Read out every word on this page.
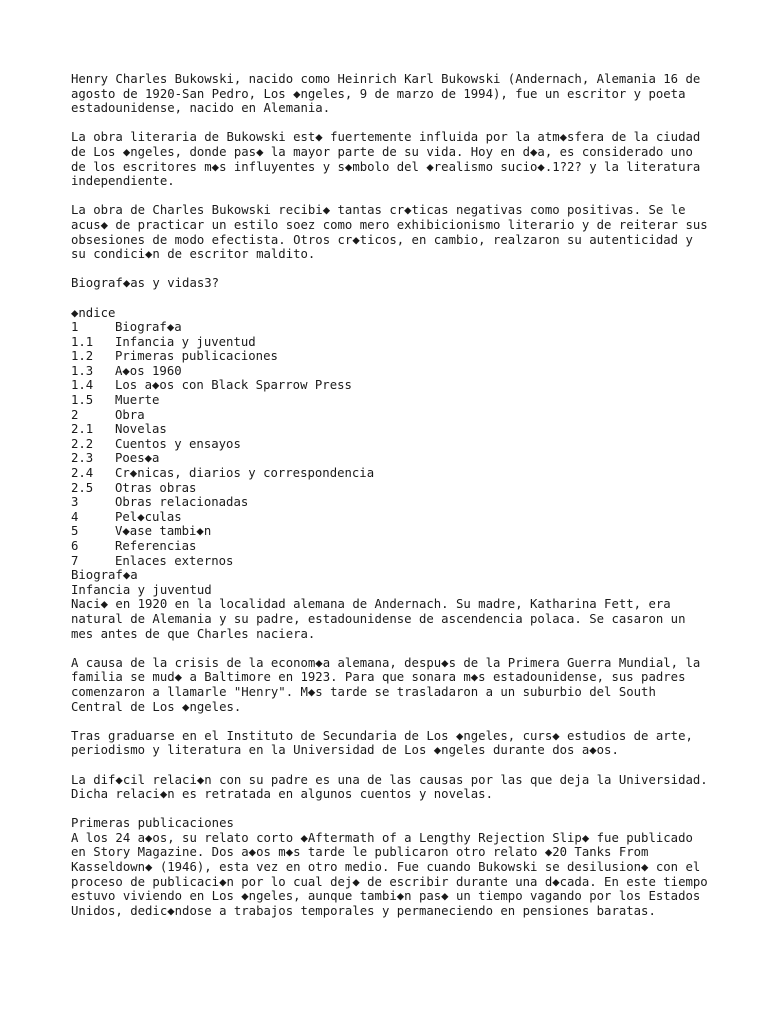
Henry Charles Bukowski, nacido como Heinrich Karl Bukowski (Andernach, Alemania 16 de agosto de 1920-San Pedro, Los ◆ngeles, 9 de marzo de 1994), fue un escritor y poeta estadounidense, nacido en Alemania.

La obra literaria de Bukowski est◆ fuertemente influida por la atm◆sfera de la ciudad de Los ◆ngeles, donde pas◆ la mayor parte de su vida. Hoy en d◆a, es considerado uno de los escritores m◆s influyentes y s◆mbolo del ◆realismo sucio◆.1?2? y la literatura independiente.

La obra de Charles Bukowski recibi◆ tantas cr◆ticas negativas como positivas. Se le acus◆ de practicar un estilo soez como mero exhibicionismo literario y de reiterar sus obsesiones de modo efectista. Otros cr◆ticos, en cambio, realzaron su autenticidad y su condici◆n de escritor maldito.

Biograf◆as y vidas3?

◆ndice
1	Biograf◆a
1.1	Infancia y juventud
1.2	Primeras publicaciones
1.3	A◆os 1960
1.4	Los a◆os con Black Sparrow Press
1.5	Muerte
2	Obra
2.1	Novelas
2.2	Cuentos y ensayos
2.3	Poes◆a
2.4	Cr◆nicas, diarios y correspondencia
2.5	Otras obras
3	Obras relacionadas
4	Pel◆culas
5	V◆ase tambi◆n
6	Referencias
7	Enlaces externos
Biograf◆a
Infancia y juventud

Naci◆ en 1920 en la localidad alemana de Andernach. Su madre, Katharina Fett, era natural de Alemania y su padre, estadounidense de ascendencia polaca. Se casaron un mes antes de que Charles naciera.

A causa de la crisis de la econom◆a alemana, despu◆s de la Primera Guerra Mundial, la familia se mud◆ a Baltimore en 1923. Para que sonara m◆s estadounidense, sus padres comenzaron a llamarle "Henry". M◆s tarde se trasladaron a un suburbio del South Central de Los ◆ngeles.

Tras graduarse en el Instituto de Secundaria de Los ◆ngeles, curs◆ estudios de arte, periodismo y literatura en la Universidad de Los ◆ngeles durante dos a◆os.

La dif◆cil relaci◆n con su padre es una de las causas por las que deja la Universidad. Dicha relaci◆n es retratada en algunos cuentos y novelas.

Primeras publicaciones

A los 24 a◆os, su relato corto ◆Aftermath of a Lengthy Rejection Slip◆ fue publicado en Story Magazine. Dos a◆os m◆s tarde le publicaron otro relato ◆20 Tanks From Kasseldown◆ (1946), esta vez en otro medio. Fue cuando Bukowski se desilusion◆ con el proceso de publicaci◆n por lo cual dej◆ de escribir durante una d◆cada. En este tiempo estuvo viviendo en Los ◆ngeles, aunque tambi◆n pas◆ un tiempo vagando por los Estados Unidos, dedic◆ndose a trabajos temporales y permaneciendo en pensiones baratas.
